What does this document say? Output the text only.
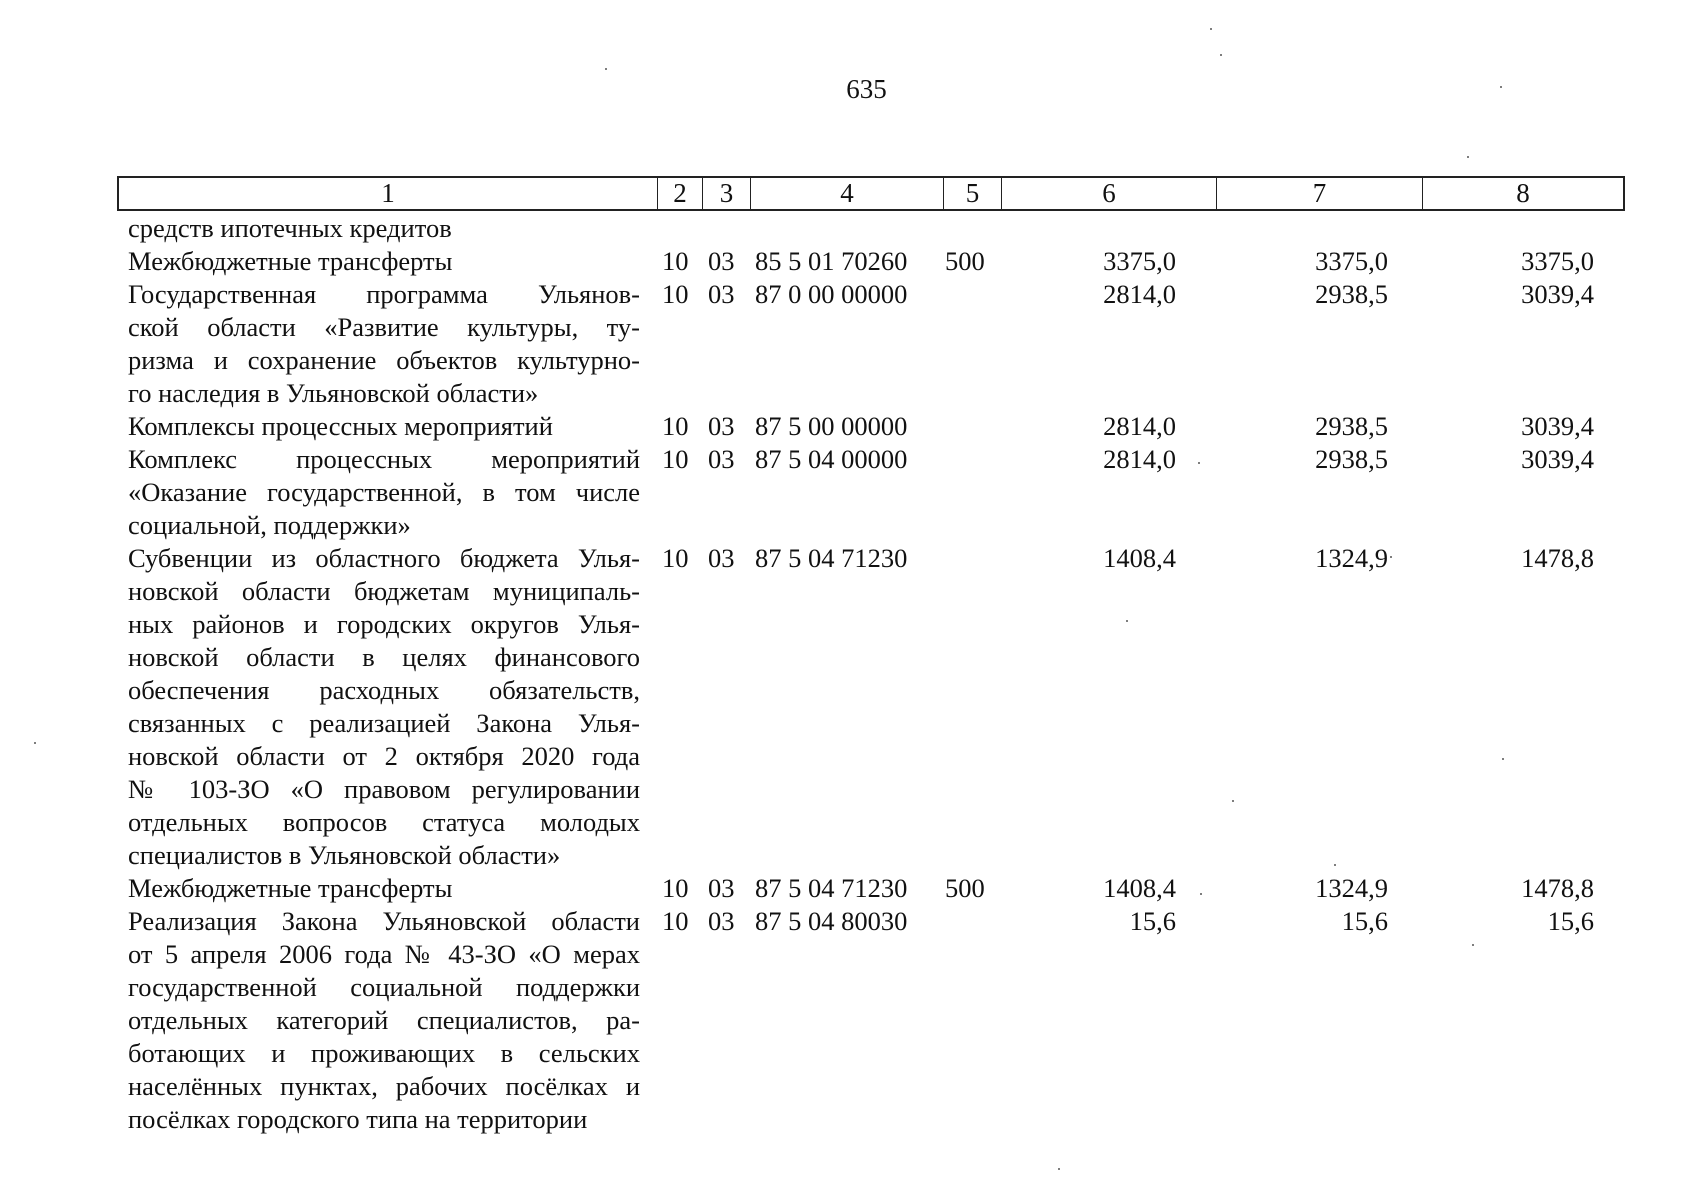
635
1	2	3	4	5	6	7	8
средств ипотечных кредитов
Межбюджетные трансферты	10 03 85 5 01 70260 500	3375,0	3375,0	3375,0
Государственная программа Ульянов-
ской области «Развитие культуры, ту-
ризма и сохранение объектов культурно-
го наследия в Ульяновской области»
10 03 87 0 00 00000	2814,0	2938,5	3039,4
Комплексы процессных мероприятий	10 03 87 5 00 00000	2814,0	2938,5	3039,4
Комплекс процессных мероприятий
«Оказание государственной, в том числе
социальной, поддержки»
10 03 87 5 04 00000	2814,0	2938,5	3039,4
Субвенции из областного бюджета Улья-
новской области бюджетам муниципаль-
ных районов и городских округов Улья-
новской области в целях финансового
обеспечения расходных обязательств,
связанных с реализацией Закона Улья-
новской области от 2 октября 2020 года
№ 103-ЗО «О правовом регулировании
отдельных вопросов статуса молодых
специалистов в Ульяновской области»
10 03 87 5 04 71230	1408,4	1324,9	1478,8
Межбюджетные трансферты	10 03 87 5 04 71230 500	1408,4	1324,9	1478,8
Реализация Закона Ульяновской области
от 5 апреля 2006 года № 43-ЗО «О мерах
государственной социальной поддержки
отдельных категорий специалистов, ра-
ботающих и проживающих в сельских
населённых пунктах, рабочих посёлках и
посёлках городского типа на территории
10 03 87 5 04 80030	15,6	15,6	15,6
